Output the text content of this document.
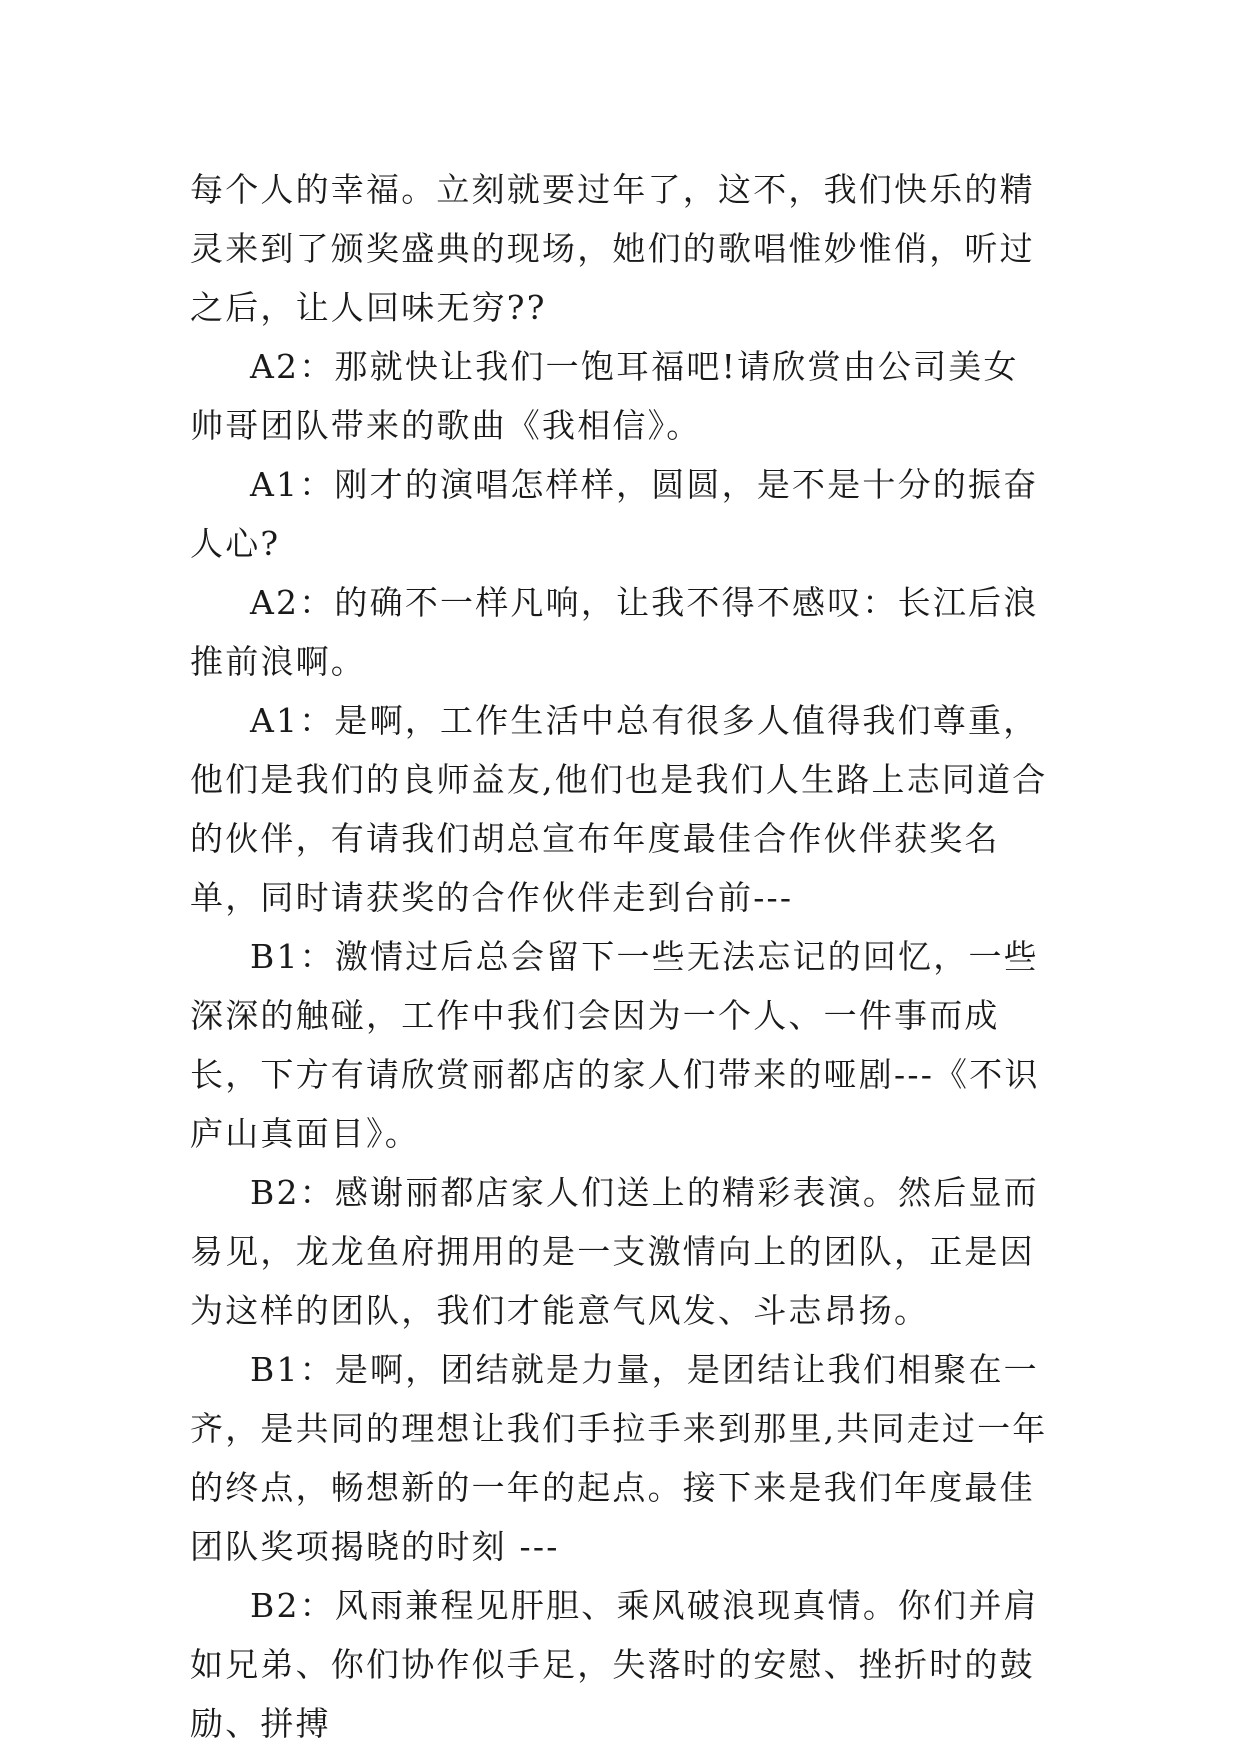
每个人的幸福。立刻就要过年了，这不，我们快乐的精灵来到了颁奖盛典的现场，她们的歌唱惟妙惟俏，听过之后，让人回味无穷??

A2：那就快让我们一饱耳福吧!请欣赏由公司美女帅哥团队带来的歌曲《我相信》。

A1：刚才的演唱怎样样，圆圆，是不是十分的振奋人心?

A2：的确不一样凡响，让我不得不感叹：长江后浪推前浪啊。

A1：是啊，工作生活中总有很多人值得我们尊重，他们是我们的良师益友,他们也是我们人生路上志同道合的伙伴，有请我们胡总宣布年度最佳合作伙伴获奖名单，同时请获奖的合作伙伴走到台前---

B1：激情过后总会留下一些无法忘记的回忆，一些深深的触碰，工作中我们会因为一个人、一件事而成长，下方有请欣赏丽都店的家人们带来的哑剧---《不识庐山真面目》。

B2：感谢丽都店家人们送上的精彩表演。然后显而易见，龙龙鱼府拥用的是一支激情向上的团队，正是因为这样的团队，我们才能意气风发、斗志昂扬。

B1：是啊，团结就是力量，是团结让我们相聚在一齐，是共同的理想让我们手拉手来到那里,共同走过一年的终点，畅想新的一年的起点。接下来是我们年度最佳团队奖项揭晓的时刻 ---

B2：风雨兼程见肝胆、乘风破浪现真情。你们并肩如兄弟、你们协作似手足，失落时的安慰、挫折时的鼓励、拼搏
